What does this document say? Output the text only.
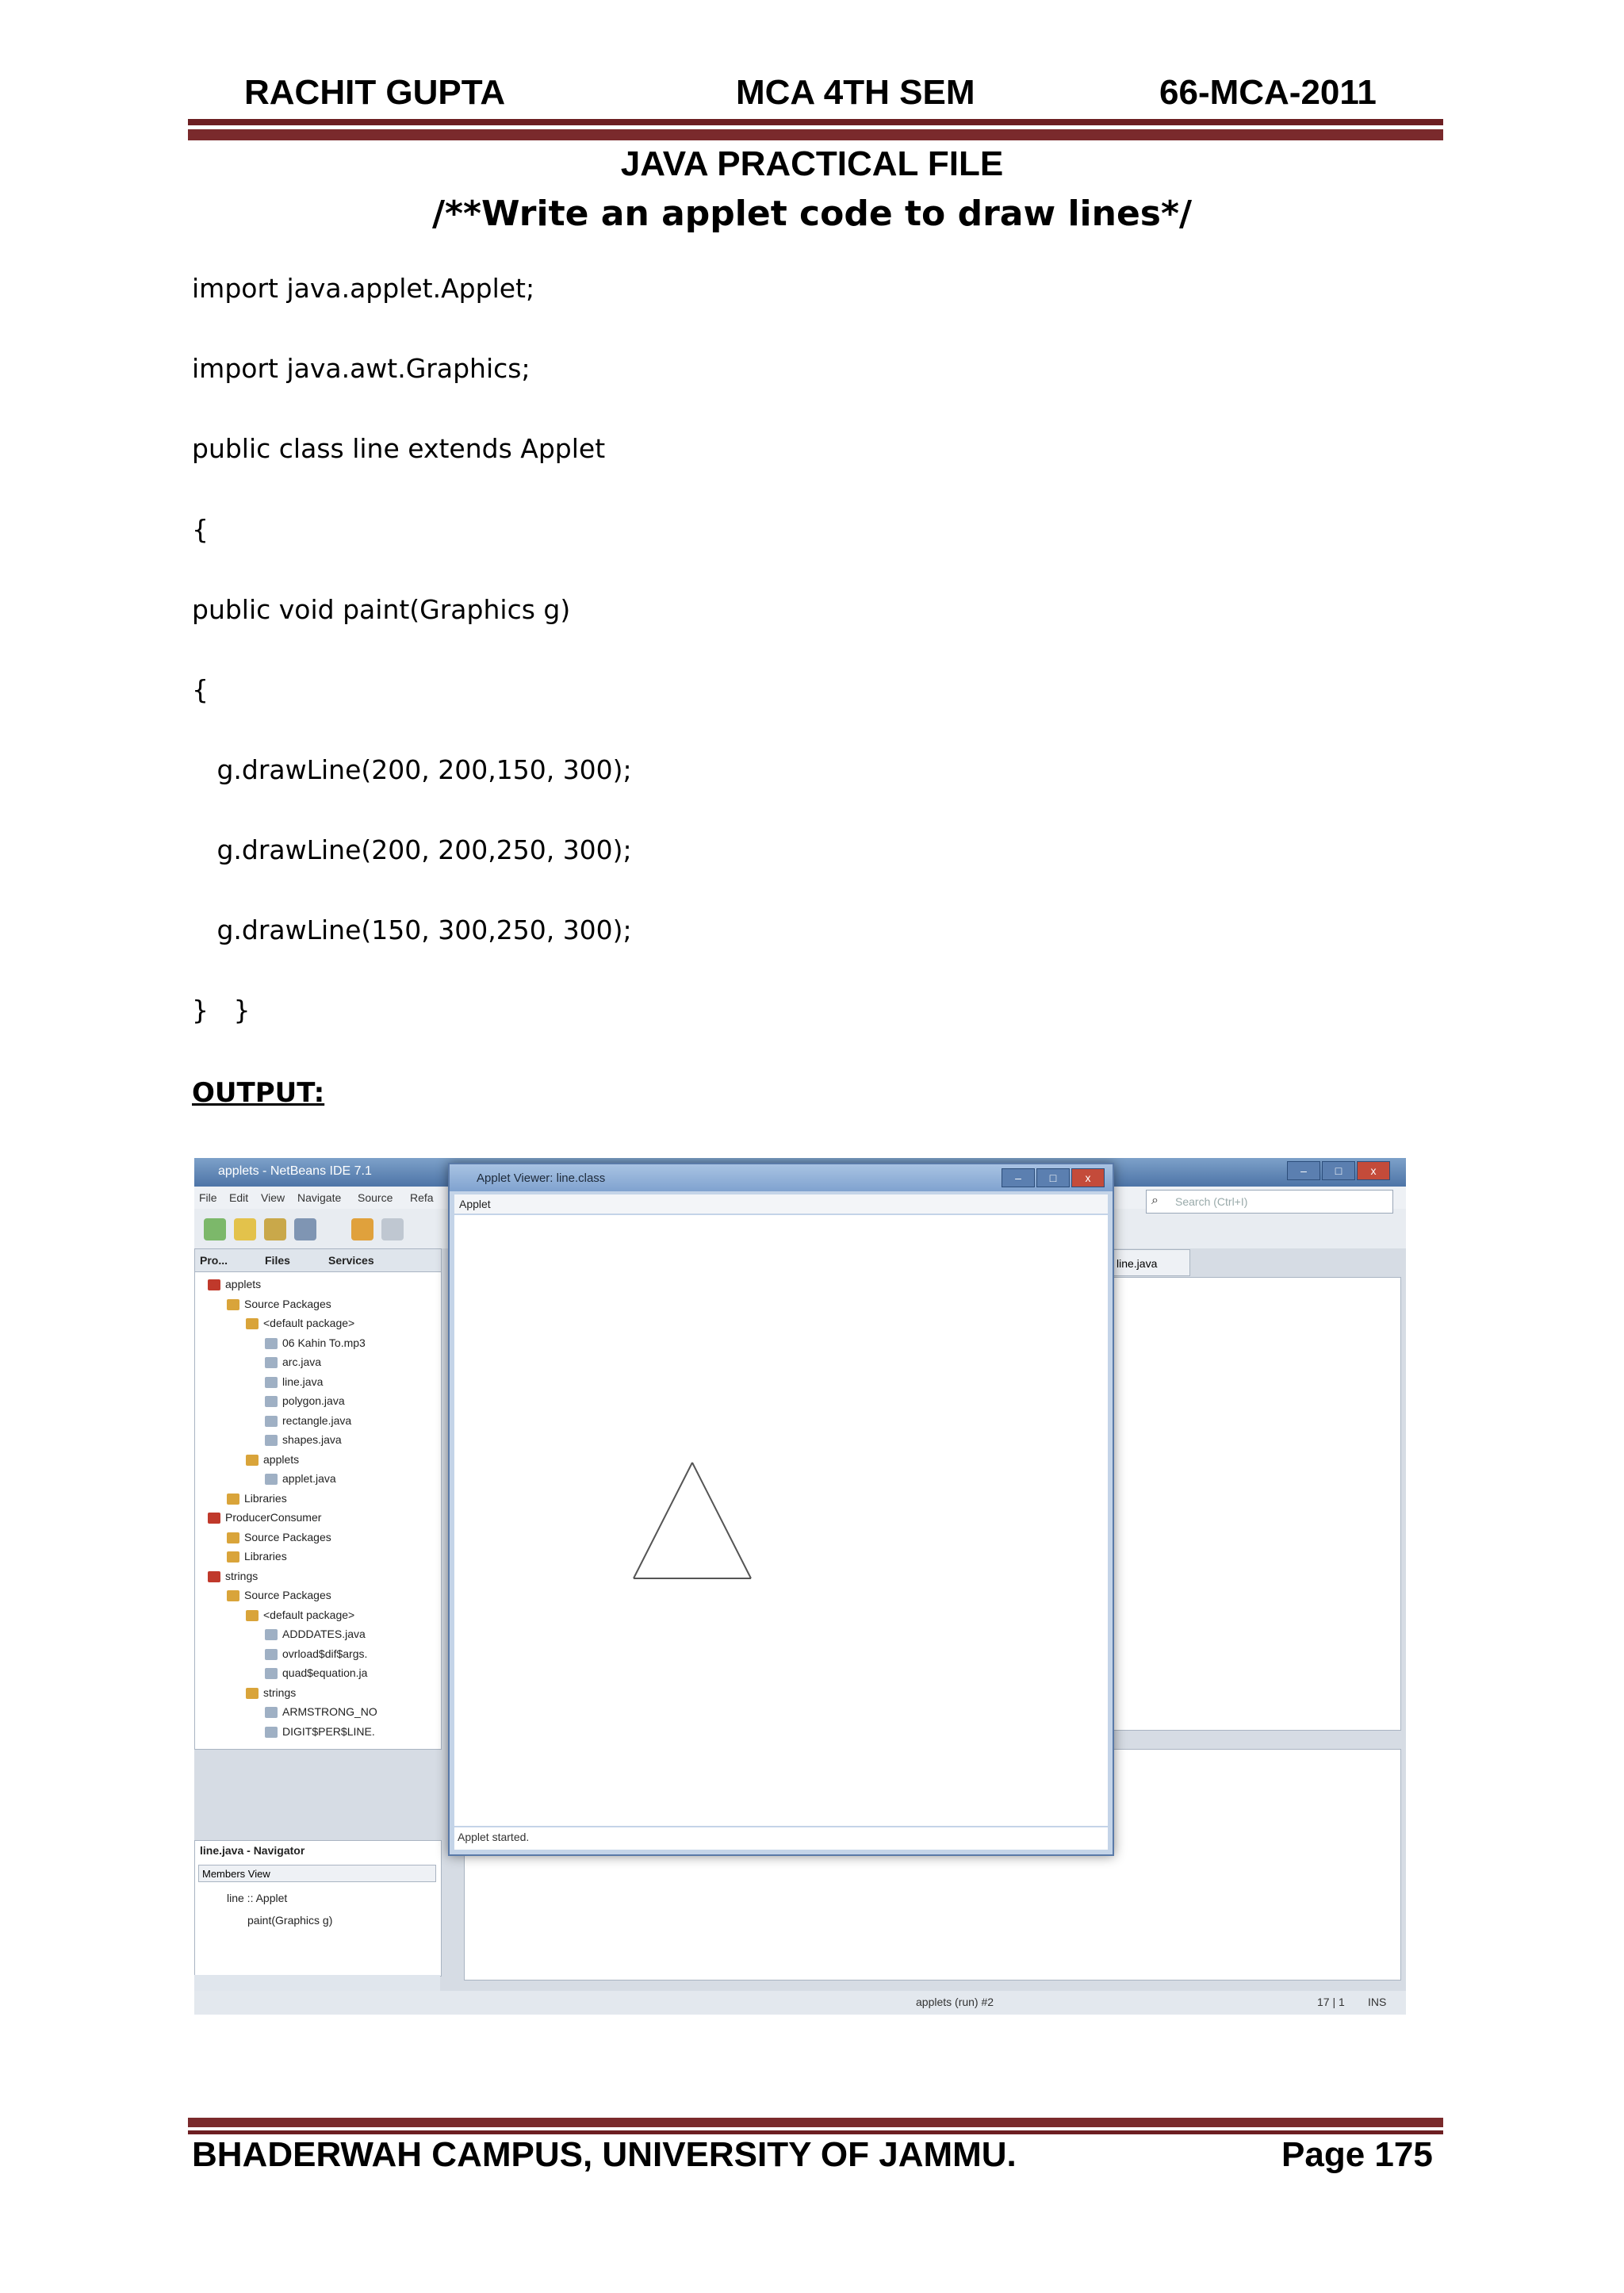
RACHIT GUPTA	MCA 4TH SEM	66-MCA-2011
JAVA PRACTICAL FILE
/**Write an applet code to draw lines*/
import java.applet.Applet;
import java.awt.Graphics;
public class line extends Applet
{
public void paint(Graphics g)
{
g.drawLine(200, 200,150, 300);
g.drawLine(200, 200,250, 300);
g.drawLine(150, 300,250, 300);
}   }
OUTPUT:
applets - NetBeans IDE 7.1	–	□	x
File Edit View Navigate Source Refa	⌕ Search (Ctrl+I)
Pro...	Files	Services
applets
Source Packages
<default package>
06 Kahin To.mp3
arc.java
line.java
polygon.java
rectangle.java
shapes.java
applets
applet.java
Libraries
ProducerConsumer
Source Packages
Libraries
strings
Source Packages
<default package>
ADDDATES.java
ovrload$dif$args.
quad$equation.ja
strings
ARMSTRONG_NO
DIGIT$PER$LINE.
line.java - Navigator
Members View
line :: Applet
paint(Graphics g)
line.java
applets (run) #2	17 | 1 INS
Applet Viewer: line.class	–	□	x
Applet
Applet started.
BHADERWAH CAMPUS, UNIVERSITY OF JAMMU.	Page 175
